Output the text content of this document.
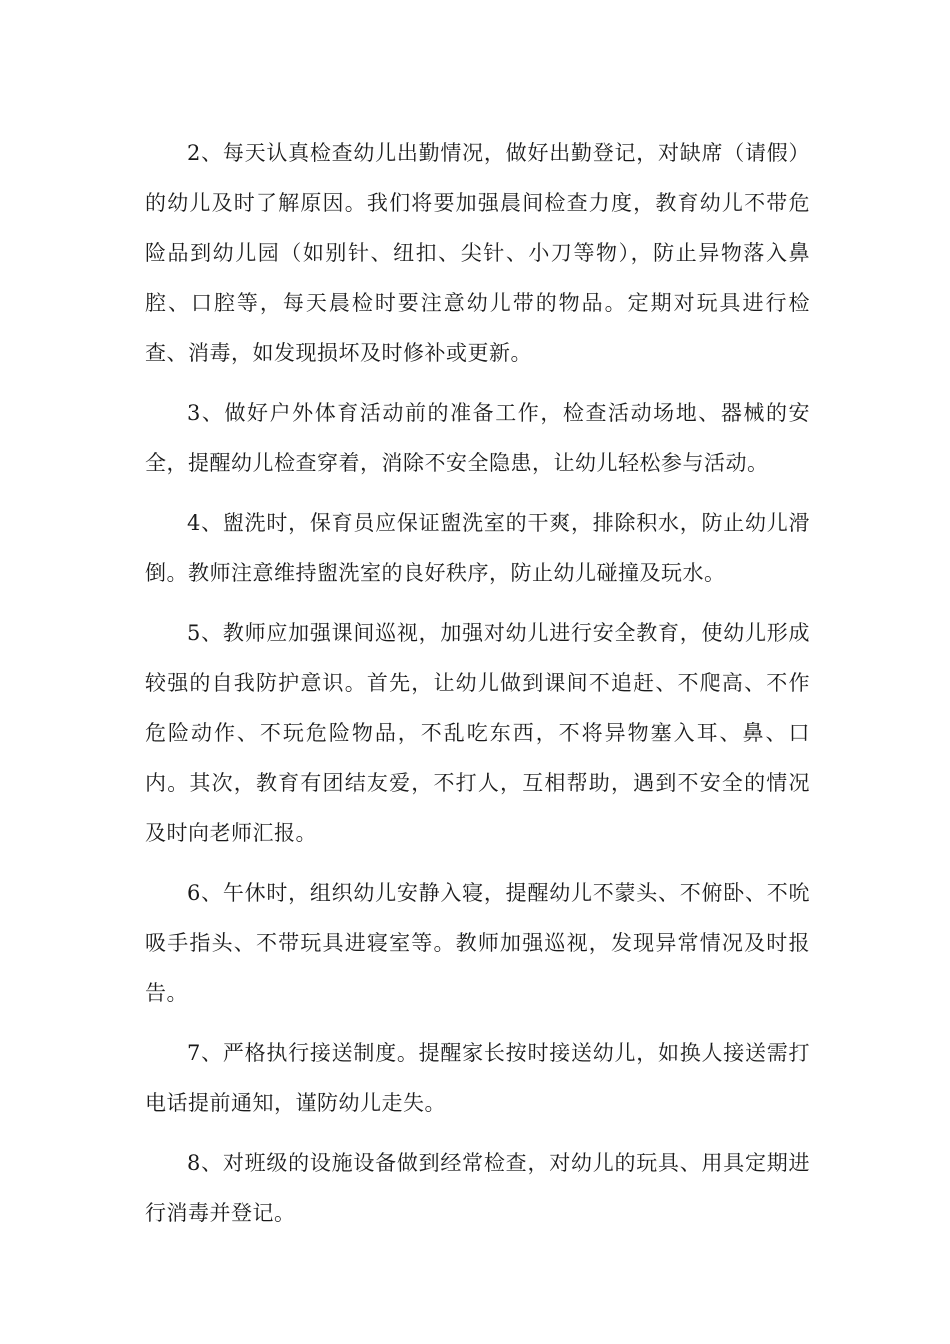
2、每天认真检查幼儿出勤情况，做好出勤登记，对缺席（请假）的幼儿及时了解原因。我们将要加强晨间检查力度，教育幼儿不带危险品到幼儿园（如别针、纽扣、尖针、小刀等物），防止异物落入鼻腔、口腔等，每天晨检时要注意幼儿带的物品。定期对玩具进行检查、消毒，如发现损坏及时修补或更新。

3、做好户外体育活动前的准备工作，检查活动场地、器械的安全，提醒幼儿检查穿着，消除不安全隐患，让幼儿轻松参与活动。

4、盥洗时，保育员应保证盥洗室的干爽，排除积水，防止幼儿滑倒。教师注意维持盥洗室的良好秩序，防止幼儿碰撞及玩水。

5、教师应加强课间巡视，加强对幼儿进行安全教育，使幼儿形成较强的自我防护意识。首先，让幼儿做到课间不追赶、不爬高、不作危险动作、不玩危险物品，不乱吃东西，不将异物塞入耳、鼻、口内。其次，教育有团结友爱，不打人，互相帮助，遇到不安全的情况及时向老师汇报。

6、午休时，组织幼儿安静入寝，提醒幼儿不蒙头、不俯卧、不吮吸手指头、不带玩具进寝室等。教师加强巡视，发现异常情况及时报告。

7、严格执行接送制度。提醒家长按时接送幼儿，如换人接送需打电话提前通知，谨防幼儿走失。

8、对班级的设施设备做到经常检查，对幼儿的玩具、用具定期进行消毒并登记。
